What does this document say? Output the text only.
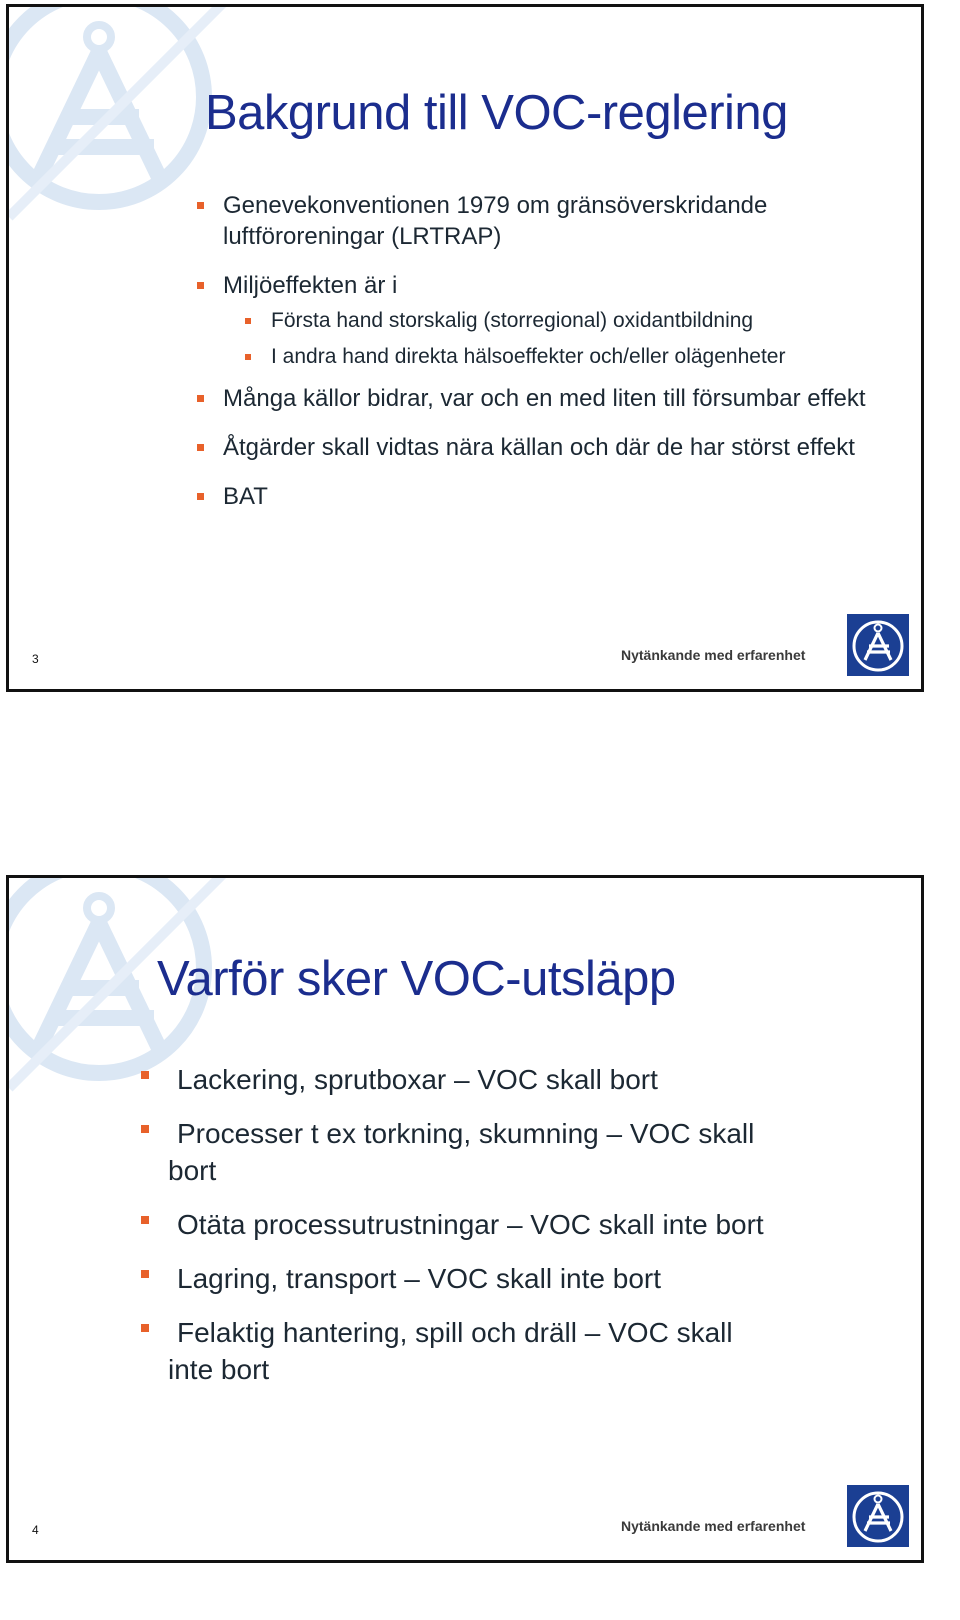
Bakgrund till VOC-reglering
Genevekonventionen 1979 om gränsöverskridande luftföroreningar (LRTRAP)
Miljöeffekten är i
Första hand storskalig (storregional) oxidantbildning
I andra hand direkta hälsoeffekter och/eller olägenheter
Många källor bidrar, var och en med liten till försumbar effekt
Åtgärder skall vidtas nära källan och där de har störst effekt
BAT
3	Nytänkande med erfarenhet
Varför sker VOC-utsläpp
Lackering, sprutboxar – VOC skall bort
Processer t ex torkning, skumning – VOC skall
bort
Otäta processutrustningar – VOC skall inte bort
Lagring, transport – VOC skall inte bort
Felaktig hantering, spill och dräll – VOC skall
inte bort
4	Nytänkande med erfarenhet
